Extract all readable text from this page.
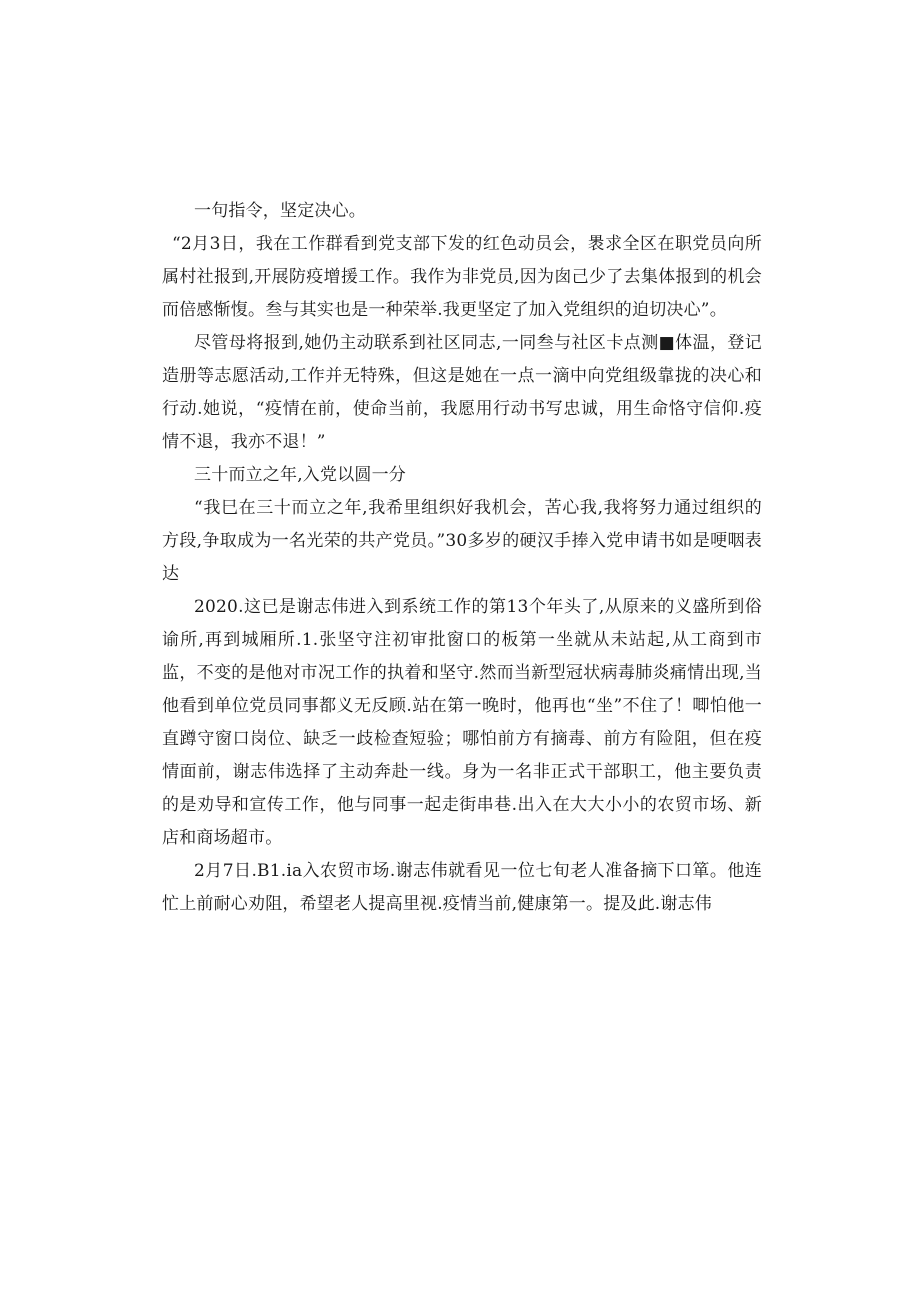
一句指令，坚定决心。

“2月3日，我在工作群看到党支部下发的红色动员会，褁求全区在职党员向所属村社报到,开展防疫增援工作。我作为非党员,因为囱己少了去集体报到的机会而倍感惭愎。叁与其实也是一种荣举.我更坚定了加入党组织的迫切决心”。

尽管母将报到,她仍主动联系到社区同志,一同叁与社区卡点测■体温，登记造册等志愿活动,工作并无特殊，但这是她在一点一滴中向党组级靠拢的决心和行动.她说，“疫情在前，使命当前，我愿用行动书写忠诚，用生命恪守信仰.疫情不退，我亦不退！”

三十而立之年,入党以圆一分

“我巳在三十而立之年,我希里组织好我机会，苦心我,我将努力通过组织的方段,争取成为一名光荣的共产党员。”30多岁的硬汉手捧入党申请书如是哽咽表达

2020.这已是谢志伟进入到系统工作的第13个年头了,从原来的义盛所到俗谕所,再到城厢所.1.张坚守注初审批窗口的板第一坐就从未站起,从工商到市监，不变的是他对市况工作的执着和坚守.然而当新型冠状病毒肺炎痛情出现,当他看到单位党员同事都义无反顾.站在第一晚时，他再也“坐”不住了！唧怕他一直蹲守窗口岗位、缺乏一歧检查短验；哪怕前方有摘毒、前方有险阻，但在疫情面前，谢志伟选择了主动奔赴一线。身为一名非正式干部职工，他主要负责的是劝导和宣传工作，他与同事一起走街串巷.出入在大大小小的农贸市场、新店和商场超市。

2月7日.B1.ia入农贸市场.谢志伟就看见一位七旬老人准备摘下口箪。他连忙上前耐心劝阻，希望老人提高里视.疫情当前,健康第一。提及此.谢志伟
